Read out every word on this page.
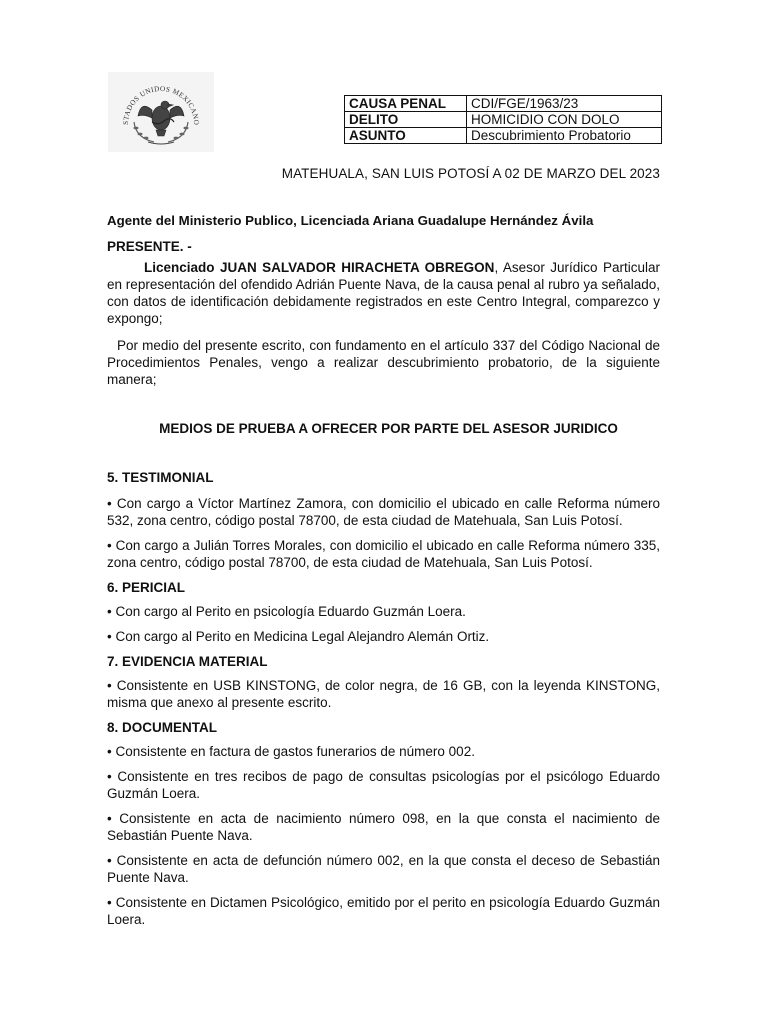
STADOS UNIDOS MEXICANO
CAUSA PENAL	CDI/FGE/1963/23
DELITO	HOMICIDIO CON DOLO
ASUNTO	Descubrimiento Probatorio
MATEHUALA, SAN LUIS POTOSÍ A 02 DE MARZO DEL 2023
Agente del Ministerio Publico, Licenciada Ariana Guadalupe Hernández Ávila
PRESENTE. -

Licenciado JUAN SALVADOR HIRACHETA OBREGON, Asesor Jurídico Particular en representación del ofendido Adrián Puente Nava, de la causa penal al rubro ya señalado, con datos de identificación debidamente registrados en este Centro Integral, comparezco y expongo;

Por medio del presente escrito, con fundamento en el artículo 337 del Código Nacional de Procedimientos Penales, vengo a realizar descubrimiento probatorio, de la siguiente manera;

MEDIOS DE PRUEBA A OFRECER POR PARTE DEL ASESOR JURIDICO
5. TESTIMONIAL

• Con cargo a Víctor Martínez Zamora, con domicilio el ubicado en calle Reforma número 532, zona centro, código postal 78700, de esta ciudad de Matehuala, San Luis Potosí.

• Con cargo a Julián Torres Morales, con domicilio el ubicado en calle Reforma número 335, zona centro, código postal 78700, de esta ciudad de Matehuala, San Luis Potosí.

6. PERICIAL

• Con cargo al Perito en psicología Eduardo Guzmán Loera.

• Con cargo al Perito en Medicina Legal Alejandro Alemán Ortiz.

7. EVIDENCIA MATERIAL

• Consistente en USB KINSTONG, de color negra, de 16 GB, con la leyenda KINSTONG, misma que anexo al presente escrito.

8. DOCUMENTAL

• Consistente en factura de gastos funerarios de número 002.

• Consistente en tres recibos de pago de consultas psicologías por el psicólogo Eduardo Guzmán Loera.

• Consistente en acta de nacimiento número 098, en la que consta el nacimiento de Sebastián Puente Nava.

• Consistente en acta de defunción número 002, en la que consta el deceso de Sebastián Puente Nava.

• Consistente en Dictamen Psicológico, emitido por el perito en psicología Eduardo Guzmán Loera.
